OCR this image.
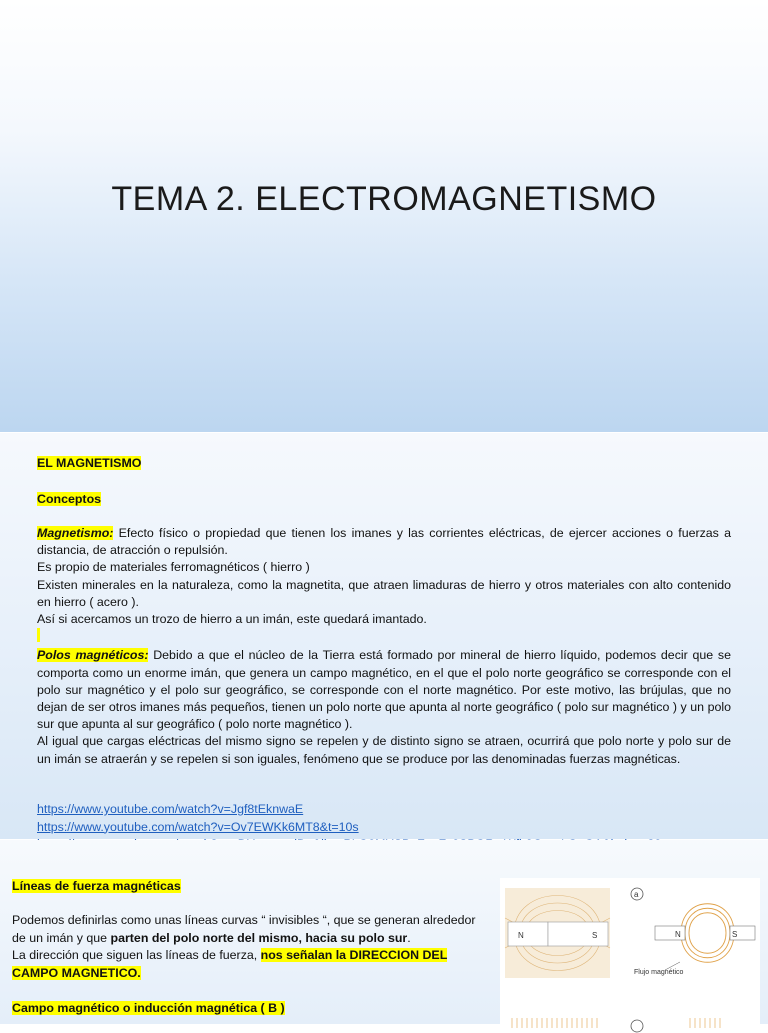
TEMA 2. ELECTROMAGNETISMO
EL MAGNETISMO
Conceptos

Magnetismo: Efecto físico o propiedad que tienen los imanes y las corrientes eléctricas, de ejercer acciones o fuerzas a distancia, de atracción o repulsión.

Es propio de materiales ferromagnéticos ( hierro )

Existen minerales en la naturaleza, como la magnetita, que atraen limaduras de hierro y otros materiales con alto contenido en hierro ( acero ).

Así si acercamos un trozo de hierro a un imán, este quedará imantado.

Polos magnéticos: Debido a que el núcleo de la Tierra está formado por mineral de hierro líquido, podemos decir que se comporta como un enorme imán, que genera un campo magnético, en el que el polo norte geográfico se corresponde con el polo sur magnético y el polo sur geográfico, se corresponde con el norte magnético. Por este motivo, las brújulas, que no dejan de ser otros imanes más pequeños, tienen un polo norte que apunta al norte geográfico ( polo sur magnético ) y un polo sur que apunta al sur geográfico ( polo norte magnético ).

Al igual que cargas eléctricas del mismo signo se repelen y de distinto signo se atraen, ocurrirá que polo norte y polo sur de un imán se atraerán y se repelen si son iguales, fenómeno que se produce por las denominadas fuerzas magnéticas.

https://www.youtube.com/watch?v=Jgf8tEknwaE
https://www.youtube.com/watch?v=Ov7EWKk6MT8&t=10s
Líneas de fuerza magnéticas

Podemos definirlas como unas líneas curvas “ invisibles “, que se generan alrededor de un imán y que parten del polo norte del mismo, hacia su polo sur.

La dirección que siguen las líneas de fuerza, nos señalan la DIRECCION DEL CAMPO MAGNETICO.

Campo magnético o inducción magnética ( B )
N	S
a
N	S
Flujo magnético
